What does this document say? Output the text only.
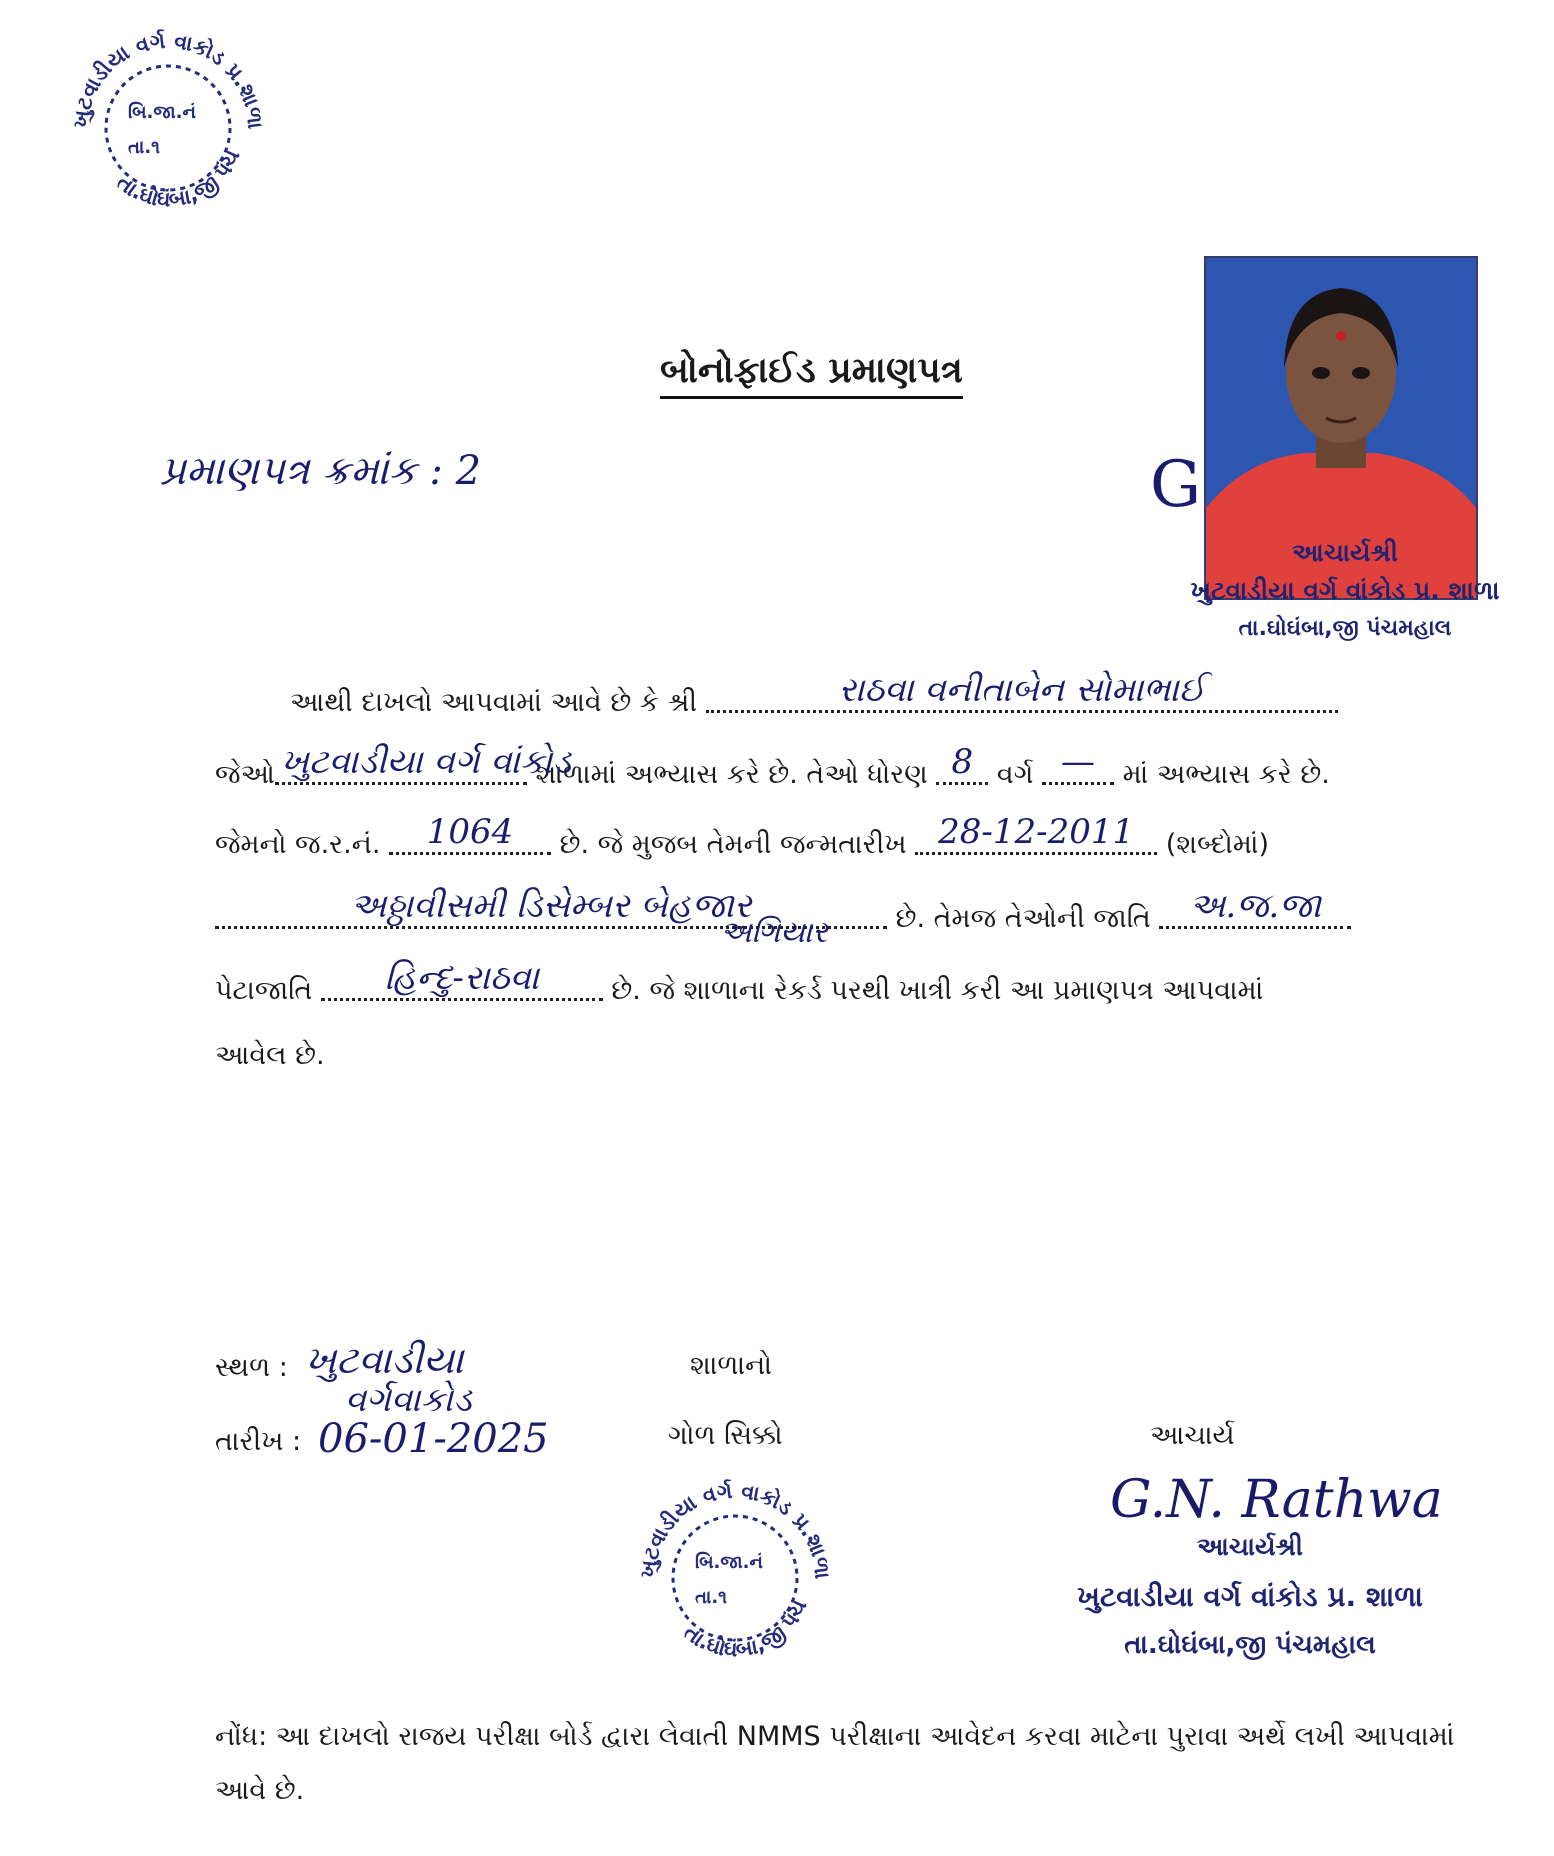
ખુટવાડીયા વર્ગ વાકોડ પ્ર.શાળા
તા.ઘોઘંબા,જી પંચ
બિ.જા.નં
તા.૧
બોનોફાઈડ પ્રમાણપત્ર
પ્રમાણપત્ર ક્રમાંક : 2	G
આચાર્યશ્રી
ખુટવાડીયા વર્ગ વાંકોડ પ્ર. શાળા
તા.ઘોઘંબા,જી પંચમહાલ
આથી દાખલો આપવામાં આવે છે કે શ્રી	રાઠવા વનીતાબેન સોમાભાઈ
જેઓ ખુટવાડીયા વર્ગ વાંકોડ શાળામાં અભ્યાસ કરે છે. તેઓ ધોરણ 8 વર્ગ — માં અભ્યાસ કરે છે.
જેમનો જ.ર.નં. 1064 છે. જે મુજબ તેમની જન્મતારીખ 28-12-2011 (શબ્દોમાં)
અઠ્ઠાવીસમી ડિસેમ્બર બેહજાર	છે. તેમજ તેઓની જાતિ અ.જ.જા
અગિયાર
પેટાજાતિ હિન્દુ-રાઠવા	છે. જે શાળાના રેકર્ડ પરથી ખાત્રી કરી આ પ્રમાણપત્ર આપવામાં
આવેલ છે.
સ્થળ : ખુટવાડીયા
વર્ગવાકોડ
તારીખ : 06-01-2025
શાળાનો
ગોળ સિક્કો
ખુટવાડીયા વર્ગ વાકોડ પ્ર.શાળા
તા.ઘોઘંબા,જી પંચ
બિ.જા.નં
તા.૧
આચાર્ય
G.N. Rathwa
આચાર્યશ્રી
ખુટવાડીયા વર્ગ વાંકોડ પ્ર. શાળા
તા.ઘોઘંબા,જી પંચમહાલ
નોંધ: આ દાખલો રાજય પરીક્ષા બોર્ડ દ્વારા લેવાતી NMMS પરીક્ષાના આવેદન કરવા માટેના પુરાવા અર્થે લખી આપવામાં આવે છે.
